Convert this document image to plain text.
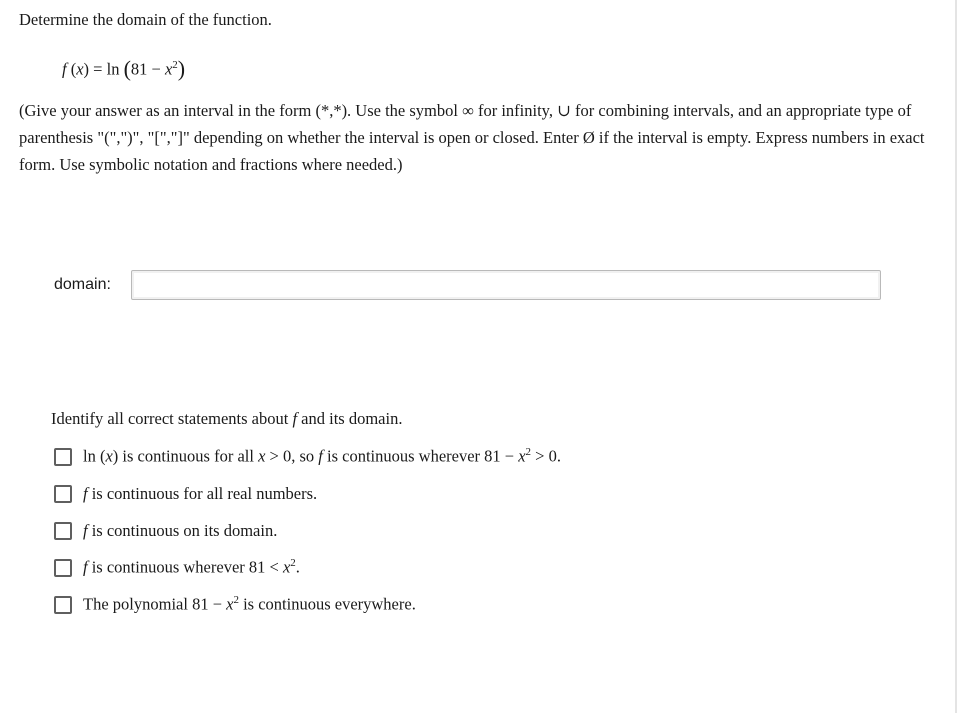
Determine the domain of the function.
f $(x) = \ln (81 - x^2)$
(Give your answer as an interval in the form (*,*). Use the symbol ∞ for infinity, ∪ for combining intervals, and an appropriate type of parenthesis "(",")", "[","]" depending on whether the interval is open or closed. Enter Ø if the interval is empty. Express numbers in exact form. Use symbolic notation and fractions where needed.)
domain:
Identify all correct statements about f and its domain.
ln (x) is continuous for all x > 0, so f is continuous wherever $81 - x^2 > 0$.
f is continuous for all real numbers.
f is continuous on its domain.
f is continuous wherever $81 < x^2$.
The polynomial $81 - x^2$ is continuous everywhere.
